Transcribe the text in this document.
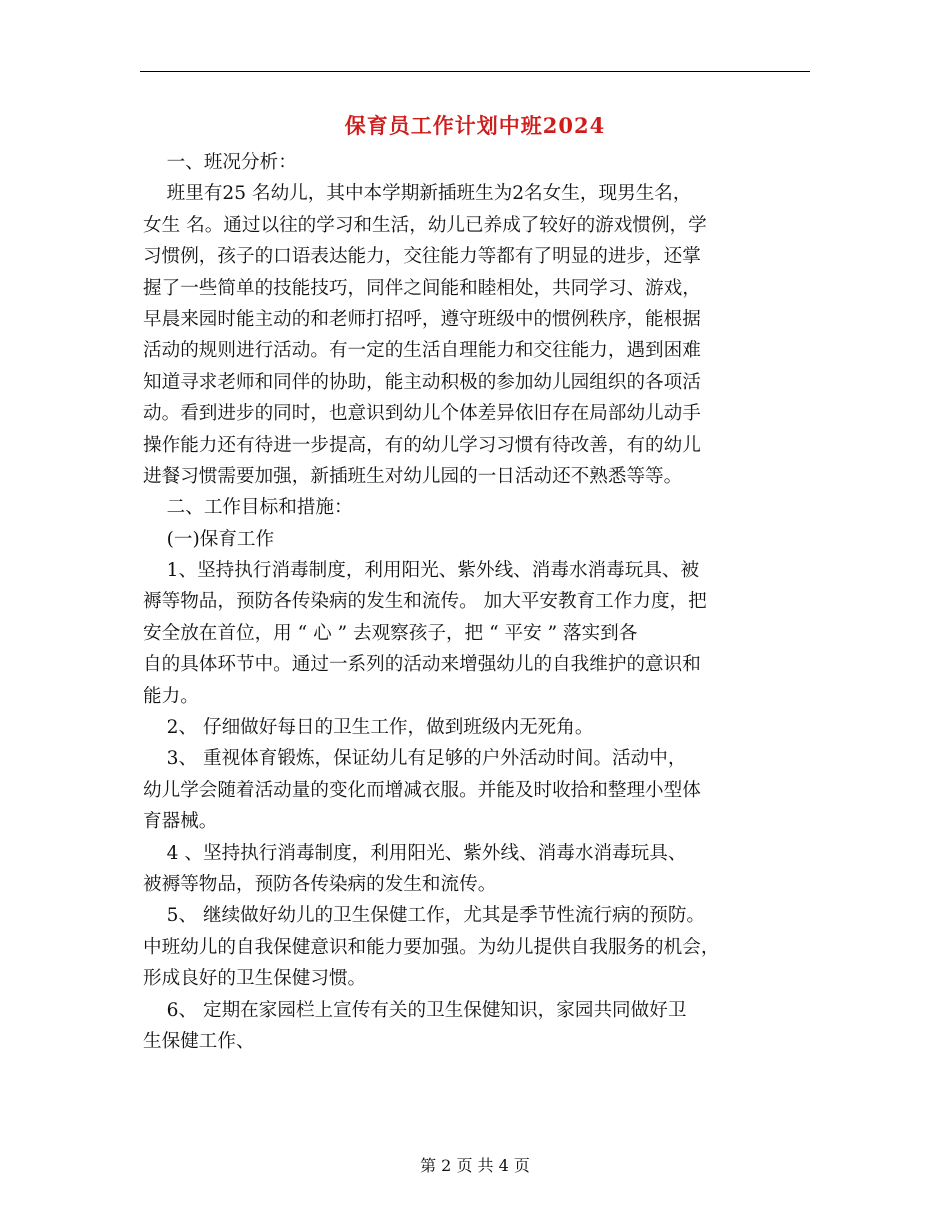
保育员工作计划中班2024
一、班况分析：
班里有25 名幼儿，其中本学期新插班生为2名女生，现男生名，
女生 名。通过以往的学习和生活，幼儿已养成了较好的游戏惯例，学
习惯例，孩子的口语表达能力，交往能力等都有了明显的进步，还掌
握了一些简单的技能技巧，同伴之间能和睦相处，共同学习、游戏，
早晨来园时能主动的和老师打招呼，遵守班级中的惯例秩序，能根据
活动的规则进行活动。有一定的生活自理能力和交往能力，遇到困难
知道寻求老师和同伴的协助，能主动积极的参加幼儿园组织的各项活
动。看到进步的同时，也意识到幼儿个体差异依旧存在局部幼儿动手
操作能力还有待进一步提高，有的幼儿学习习惯有待改善，有的幼儿
进餐习惯需要加强，新插班生对幼儿园的一日活动还不熟悉等等。
二、工作目标和措施：
(一)保育工作
1、坚持执行消毒制度，利用阳光、紫外线、消毒水消毒玩具、被
褥等物品，预防各传染病的发生和流传。 加大平安教育工作力度，把
安全放在首位，用 “ 心 ” 去观察孩子，把 “ 平安 ” 落实到各
自的具体环节中。通过一系列的活动来增强幼儿的自我维护的意识和
能力。
2、 仔细做好每日的卫生工作，做到班级内无死角。
3、 重视体育锻炼，保证幼儿有足够的户外活动时间。活动中，
幼儿学会随着活动量的变化而增减衣服。并能及时收拾和整理小型体
育器械。
4 、坚持执行消毒制度，利用阳光、紫外线、消毒水消毒玩具、
被褥等物品，预防各传染病的发生和流传。
5、 继续做好幼儿的卫生保健工作，尤其是季节性流行病的预防。
中班幼儿的自我保健意识和能力要加强。为幼儿提供自我服务的机会，
形成良好的卫生保健习惯。
6、 定期在家园栏上宣传有关的卫生保健知识，家园共同做好卫
生保健工作、
第 2 页 共 4 页
